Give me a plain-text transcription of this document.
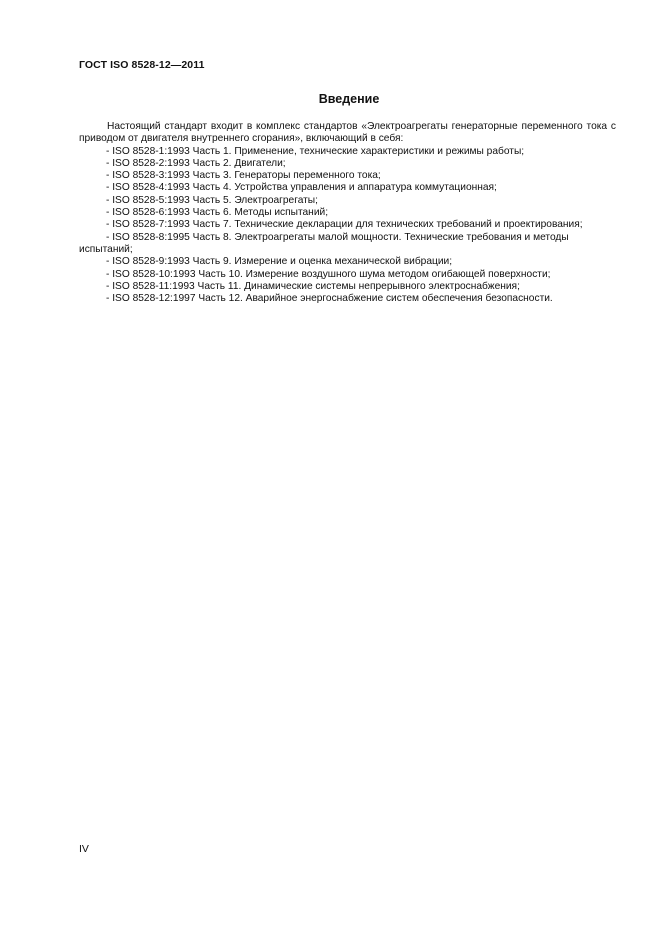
ГОСТ ISO 8528-12—2011
Введение

Настоящий стандарт входит в комплекс стандартов «Электроагрегаты генераторные переменного тока с приводом от двигателя внутреннего сгорания», включающий в себя:

- ISO 8528-1:1993 Часть 1. Применение, технические характеристики и режимы работы;
- ISO 8528-2:1993 Часть 2. Двигатели;
- ISO 8528-3:1993 Часть 3. Генераторы переменного тока;
- ISO 8528-4:1993 Часть 4. Устройства управления и аппаратура коммутационная;
- ISO 8528-5:1993 Часть 5. Электроагрегаты;
- ISO 8528-6:1993 Часть 6. Методы испытаний;
- ISO 8528-7:1993 Часть 7. Технические декларации для технических требований и проектирования;
- ISO 8528-8:1995 Часть 8. Электроагрегаты малой мощности. Технические требования и методы испытаний;
- ISO 8528-9:1993 Часть 9. Измерение и оценка механической вибрации;
- ISO 8528-10:1993 Часть 10. Измерение воздушного шума методом огибающей поверхности;
- ISO 8528-11:1993 Часть 11. Динамические системы непрерывного электроснабжения;
- ISO 8528-12:1997 Часть 12. Аварийное энергоснабжение систем обеспечения безопасности.
IV
